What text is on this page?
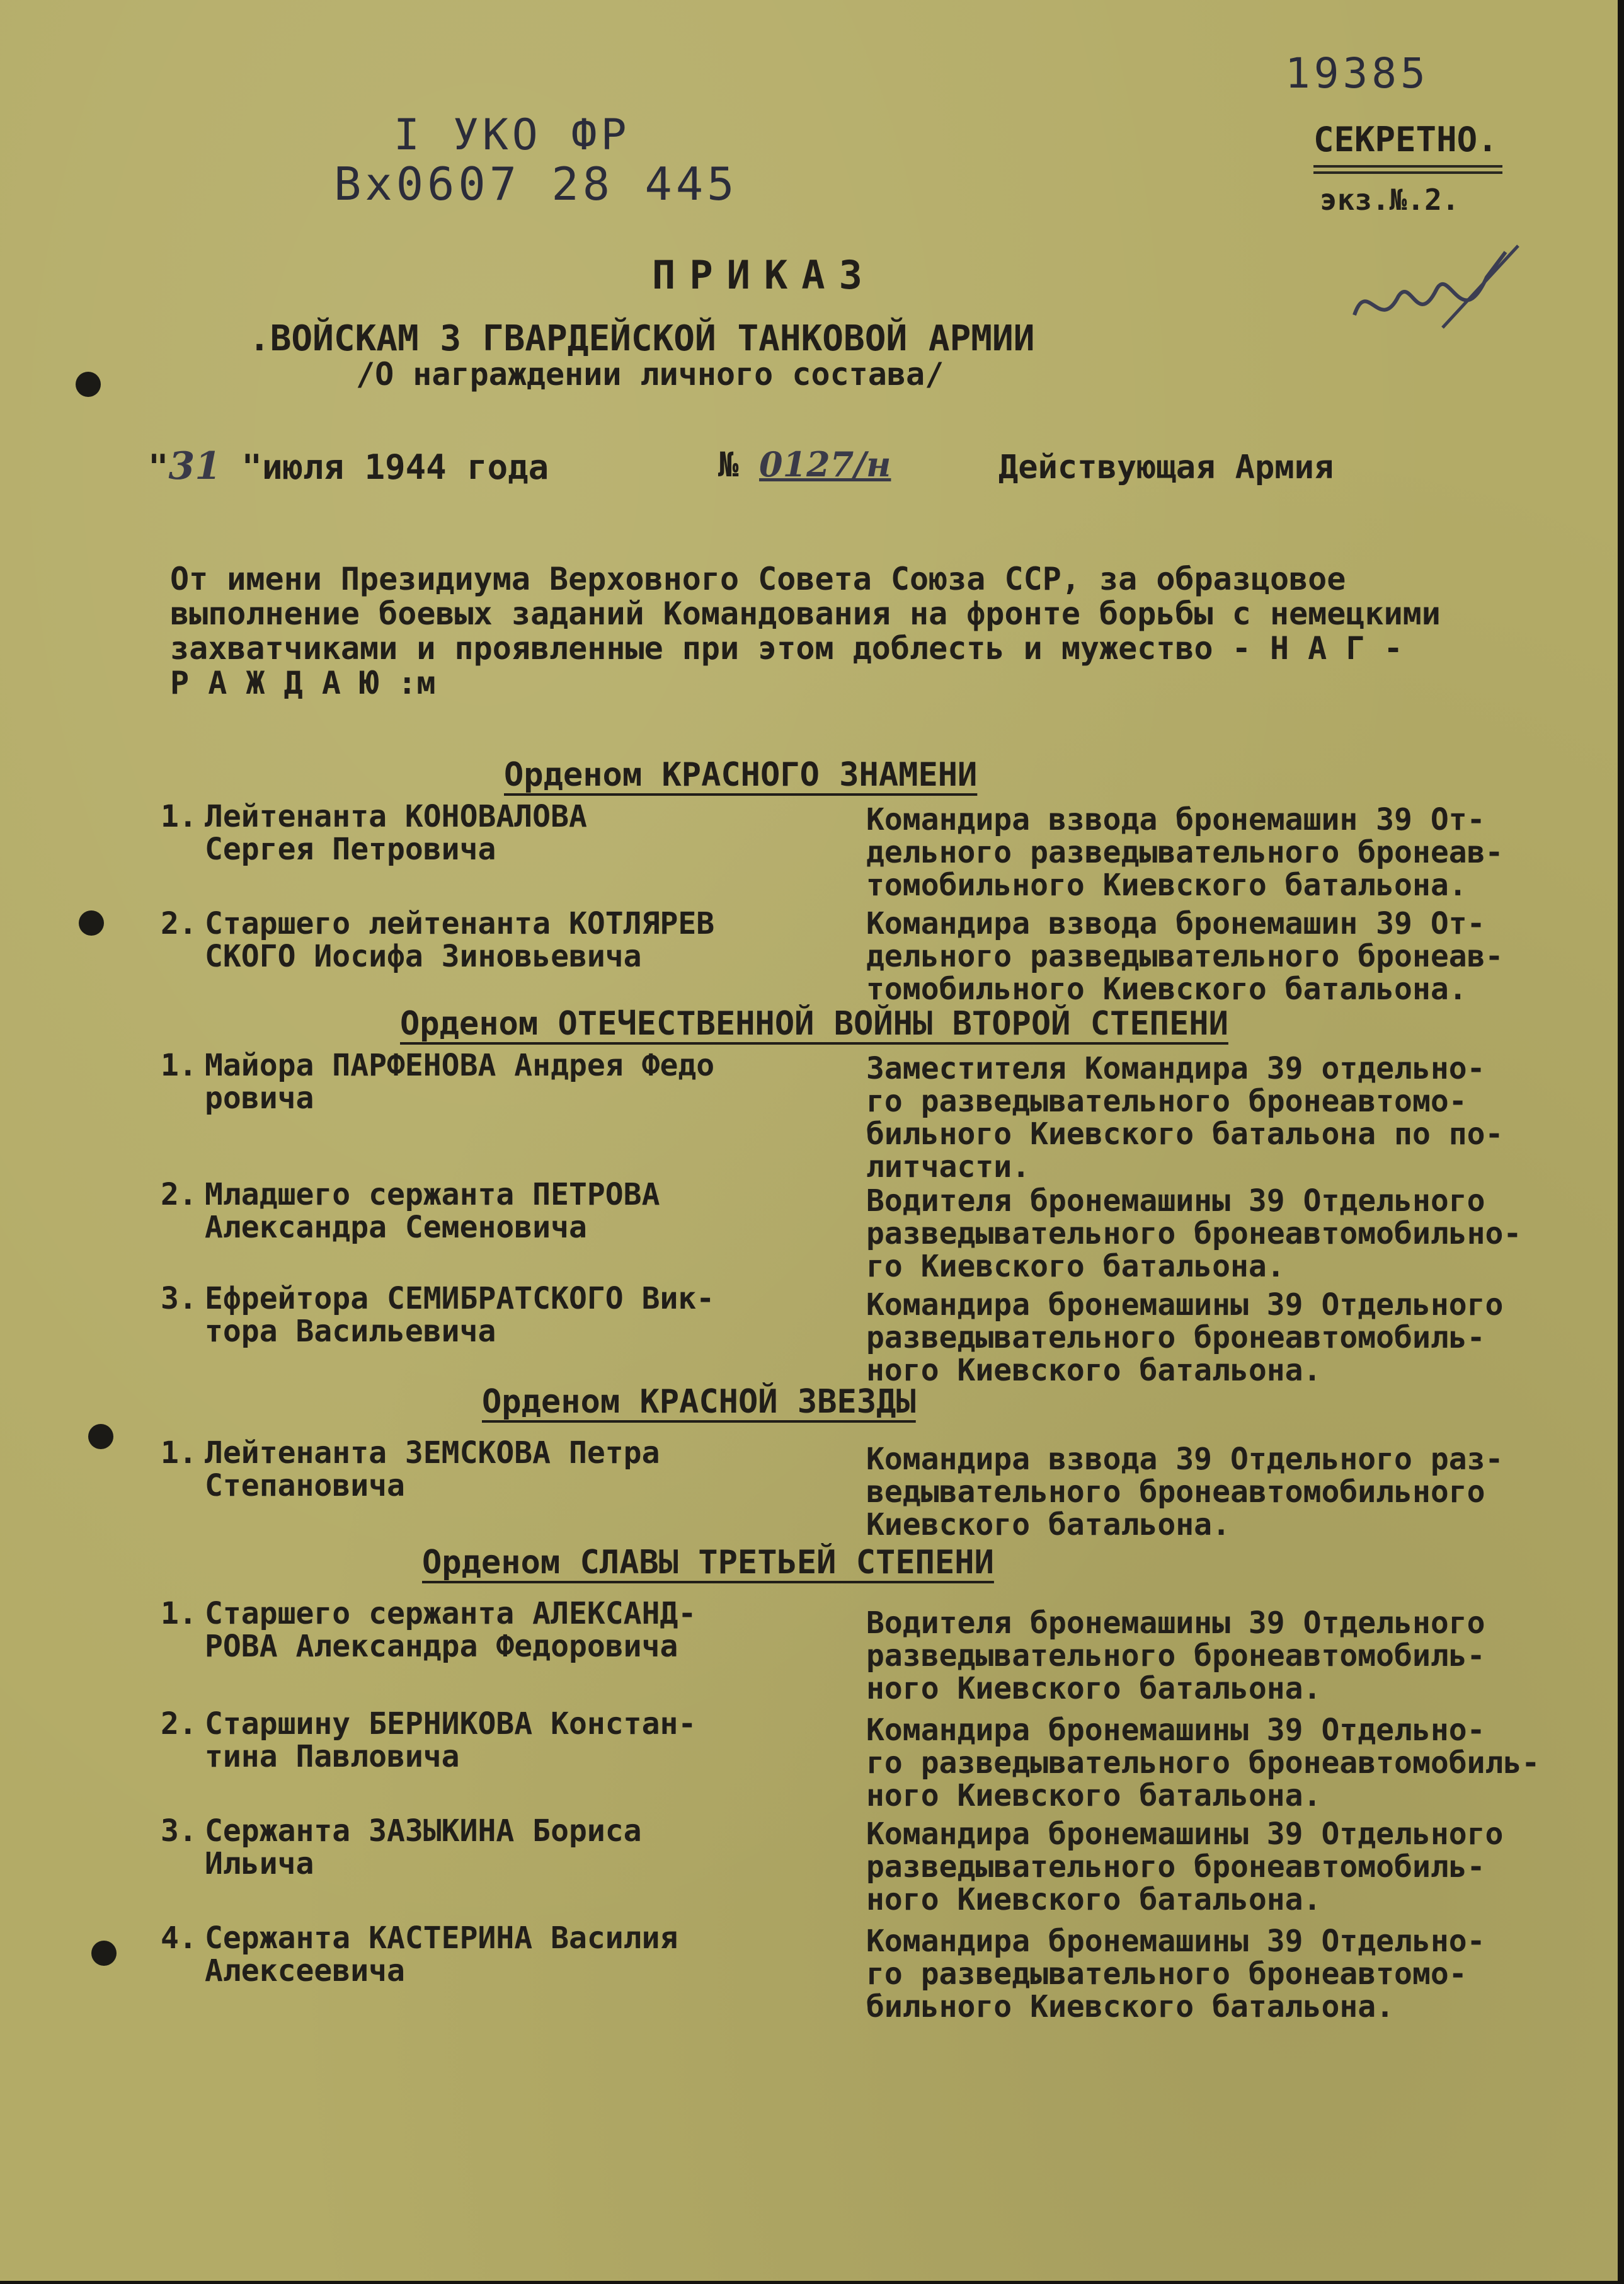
19385
I УКО ФР
Вх0607 28 445
СЕКРЕТНО.
экз.№.2.
ПРИКАЗ
.ВОЙСКАМ 3 ГВАРДЕЙСКОЙ ТАНКОВОЙ АРМИИ
/О награждении личного состава/
"31 "июля 1944 года	№ 0127/н	Действующая Армия
От имени Президиума Верховного Совета Союза ССР, за образцовое
выполнение боевых заданий Командования на фронте борьбы с немецкими
захватчиками и проявленные при этом доблесть и мужество - Н А Г -
Р А Ж Д А Ю :м
Орденом КРАСНОГО ЗНАМЕНИ
1. Лейтенанта КОНОВАЛОВА
Сергея Петровича
Командира взвода бронемашин 39 От-
дельного разведывательного бронеав-
томобильного Киевского батальона.
2. Старшего лейтенанта КОТЛЯРЕВ
СКОГО Иосифа Зиновьевича
Командира взвода бронемашин 39 От-
дельного разведывательного бронеав-
томобильного Киевского батальона.
Орденом ОТЕЧЕСТВЕННОЙ ВОЙНЫ ВТОРОЙ СТЕПЕНИ
1. Майора ПАРФЕНОВА Андрея Федо
ровича
Заместителя Командира 39 отдельно-
го разведывательного бронеавтомо-
бильного Киевского батальона по по-
литчасти.
2. Младшего сержанта ПЕТРОВА
Александра Семеновича
Водителя бронемашины 39 Отдельного
разведывательного бронеавтомобильно-
го Киевского батальона.
3. Ефрейтора СЕМИБРАТСКОГО Вик-
тора Васильевича
Командира бронемашины 39 Отдельного
разведывательного бронеавтомобиль-
ного Киевского батальона.
Орденом КРАСНОЙ ЗВЕЗДЫ
1. Лейтенанта ЗЕМСКОВА Петра
Степановича
Командира взвода 39 Отдельного раз-
ведывательного бронеавтомобильного
Киевского батальона.
Орденом СЛАВЫ ТРЕТЬЕЙ СТЕПЕНИ
1. Старшего сержанта АЛЕКСАНД-
РОВА Александра Федоровича
Водителя бронемашины 39 Отдельного
разведывательного бронеавтомобиль-
ного Киевского батальона.
2. Старшину БЕРНИКОВА Констан-
тина Павловича
Командира бронемашины 39 Отдельно-
го разведывательного бронеавтомобиль-
ного Киевского батальона.
3. Сержанта ЗАЗЫКИНА Бориса
Ильича
Командира бронемашины 39 Отдельного
разведывательного бронеавтомобиль-
ного Киевского батальона.
4. Сержанта КАСТЕРИНА Василия
Алексеевича
Командира бронемашины 39 Отдельно-
го разведывательного бронеавтомо-
бильного Киевского батальона.
